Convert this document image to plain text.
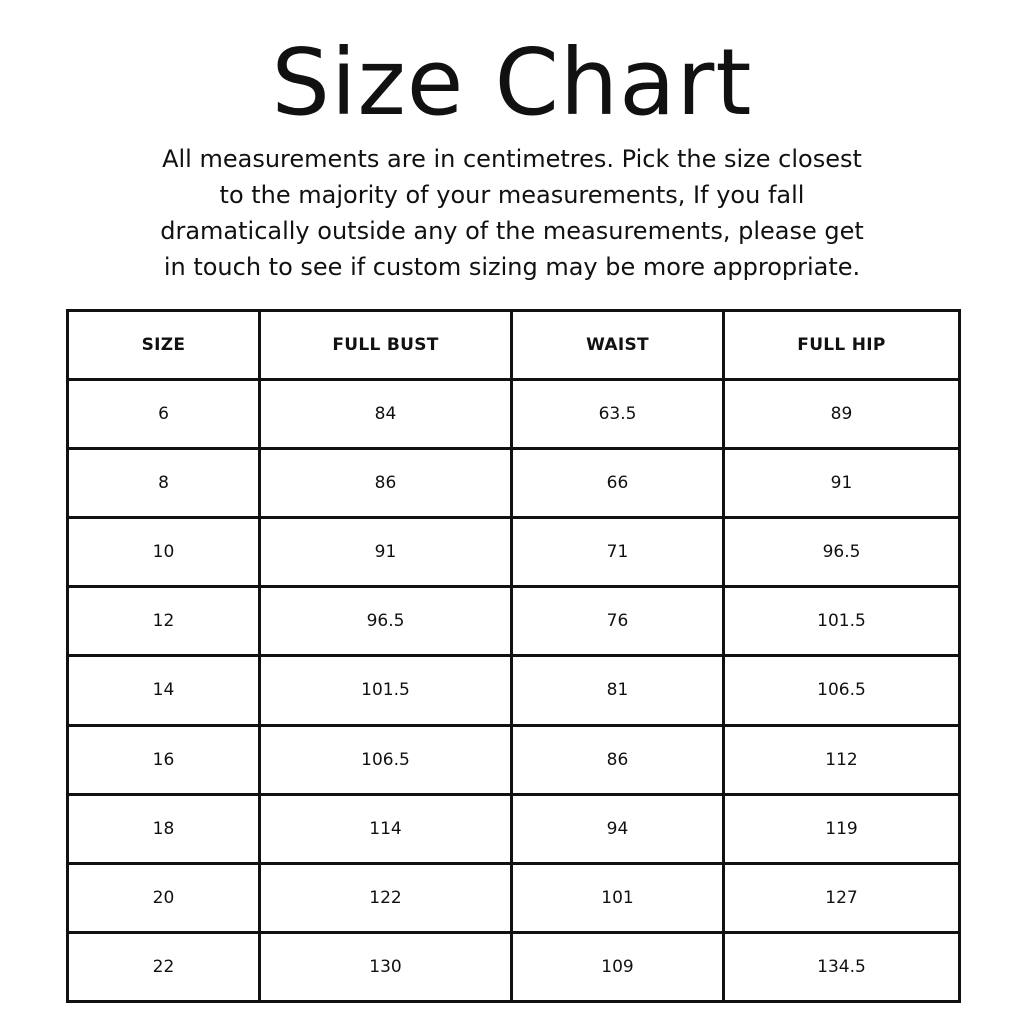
Size Chart

All measurements are in centimetres. Pick the size closest
to the majority of your measurements, If you fall
dramatically outside any of the measurements, please get
in touch to see if custom sizing may be more appropriate.

SIZE	FULL BUST	WAIST	FULL HIP
6	84	63.5	89
8	86	66	91
10	91	71	96.5
12	96.5	76	101.5
14	101.5	81	106.5
16	106.5	86	112
18	114	94	119
20	122	101	127
22	130	109	134.5
